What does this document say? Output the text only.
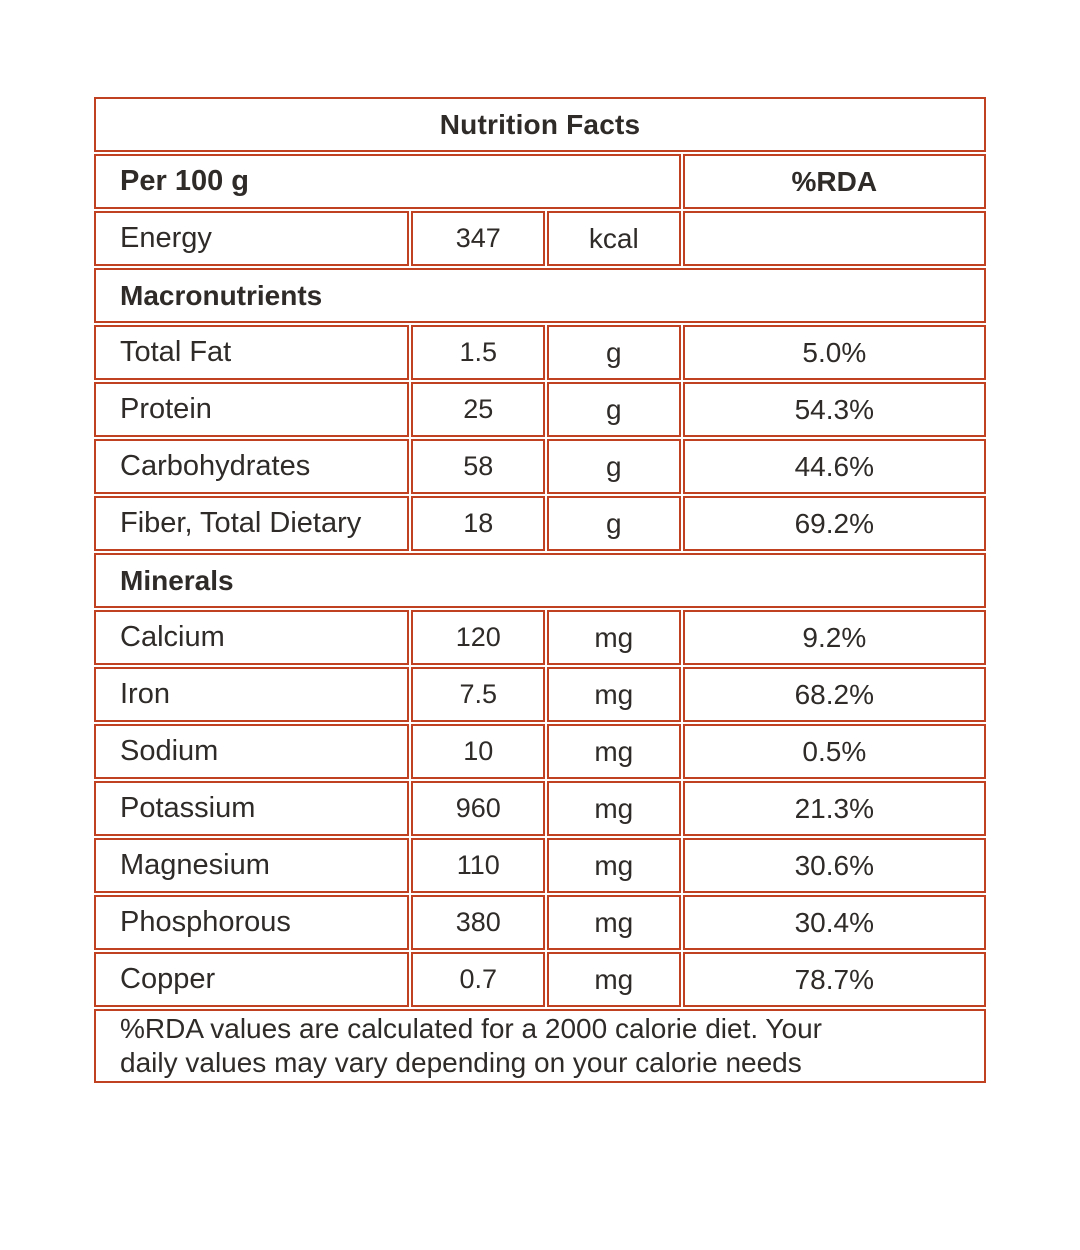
Nutrition Facts			
Per 100 g			%RDA
Energy	347	kcal	
Macronutrients			
Total Fat	1.5	g	5.0%
Protein	25	g	54.3%
Carbohydrates	58	g	44.6%
Fiber, Total Dietary	18	g	69.2%
Minerals			
Calcium	120	mg	9.2%
Iron	7.5	mg	68.2%
Sodium	10	mg	0.5%
Potassium	960	mg	21.3%
Magnesium	110	mg	30.6%
Phosphorous	380	mg	30.4%
Copper	0.7	mg	78.7%

%RDA values are calculated for a 2000 calorie diet. Your
daily values may vary depending on your calorie needs			
